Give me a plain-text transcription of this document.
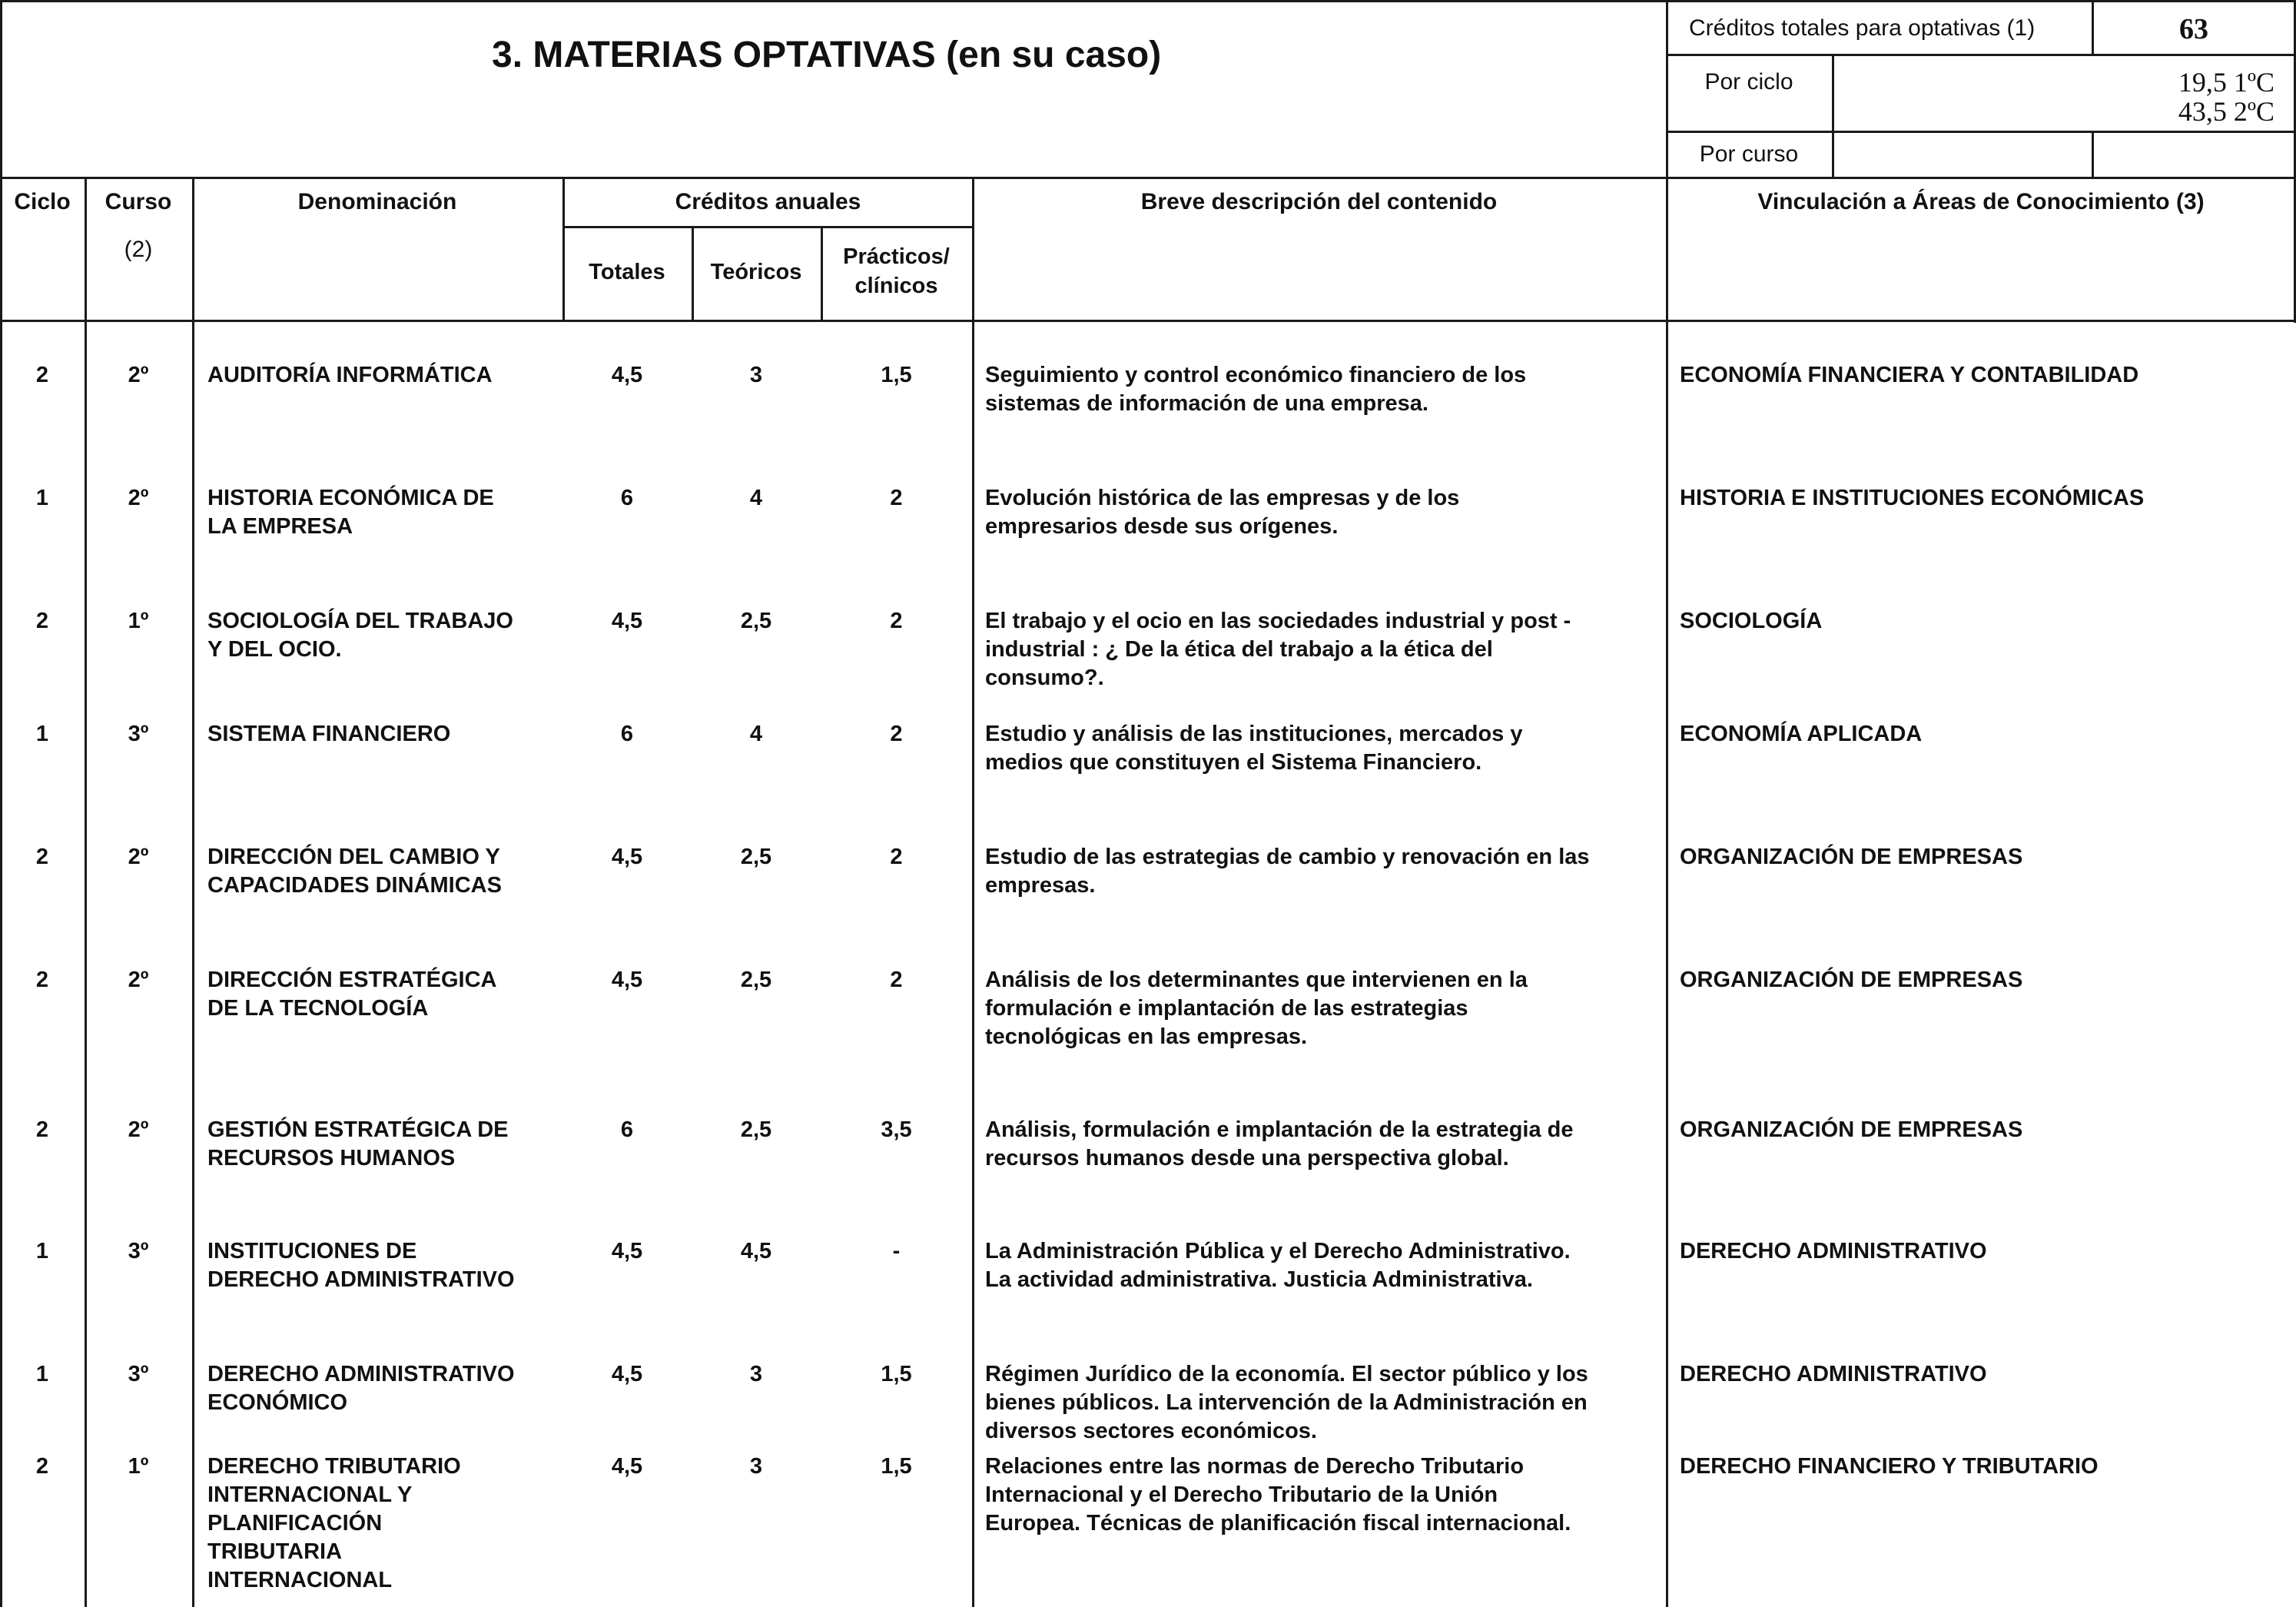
3. MATERIAS OPTATIVAS (en su caso)
Créditos totales para optativas (1)	63
Por ciclo	19,5 1ºC
43,5 2ºC
Por curso
Ciclo	Curso
(2)
Denominación	Créditos anuales
Totales	Teóricos
Prácticos/
clínicos
Breve descripción del contenido	Vinculación a Áreas de Conocimiento (3)
2	2º	AUDITORÍA INFORMÁTICA	4,5	3	1,5	Seguimiento y control económico financiero de los
sistemas de información de una empresa.
ECONOMÍA FINANCIERA Y CONTABILIDAD
1	2º	HISTORIA ECONÓMICA DE
LA EMPRESA
6	4	2	Evolución histórica de las empresas y de los
empresarios desde sus orígenes.
HISTORIA E INSTITUCIONES ECONÓMICAS
2	1º	SOCIOLOGÍA DEL TRABAJO
Y DEL OCIO.
4,5	2,5	2	El trabajo y el ocio en las sociedades industrial y post -
industrial : ¿ De la ética del trabajo a la ética del
consumo?.
SOCIOLOGÍA
1	3º	SISTEMA FINANCIERO	6	4	2	Estudio y análisis de las instituciones, mercados y
medios que constituyen el Sistema Financiero.
ECONOMÍA APLICADA
2	2º	DIRECCIÓN DEL CAMBIO Y
CAPACIDADES DINÁMICAS
4,5	2,5	2	Estudio de las estrategias de cambio y renovación en las
empresas.
ORGANIZACIÓN DE EMPRESAS
2	2º	DIRECCIÓN ESTRATÉGICA
DE LA TECNOLOGÍA
4,5	2,5	2	Análisis de los determinantes que intervienen en la
formulación e implantación de las estrategias
tecnológicas en las empresas.
ORGANIZACIÓN DE EMPRESAS
2	2º	GESTIÓN ESTRATÉGICA DE
RECURSOS HUMANOS
6	2,5	3,5	Análisis, formulación e implantación de la estrategia de
recursos humanos desde una perspectiva global.
ORGANIZACIÓN DE EMPRESAS
1	3º	INSTITUCIONES DE
DERECHO ADMINISTRATIVO
4,5	4,5	-	La Administración Pública y el Derecho Administrativo.
La actividad administrativa. Justicia Administrativa.
DERECHO ADMINISTRATIVO
1	3º	DERECHO ADMINISTRATIVO
ECONÓMICO
4,5	3	1,5	Régimen Jurídico de la economía. El sector público y los
bienes públicos. La intervención de la Administración en
diversos sectores económicos.
DERECHO ADMINISTRATIVO
2	1º	DERECHO TRIBUTARIO
INTERNACIONAL Y
PLANIFICACIÓN
TRIBUTARIA
INTERNACIONAL
4,5	3	1,5	Relaciones entre las normas de Derecho Tributario
Internacional y el Derecho Tributario de la Unión
Europea. Técnicas de planificación fiscal internacional.
DERECHO FINANCIERO Y TRIBUTARIO
